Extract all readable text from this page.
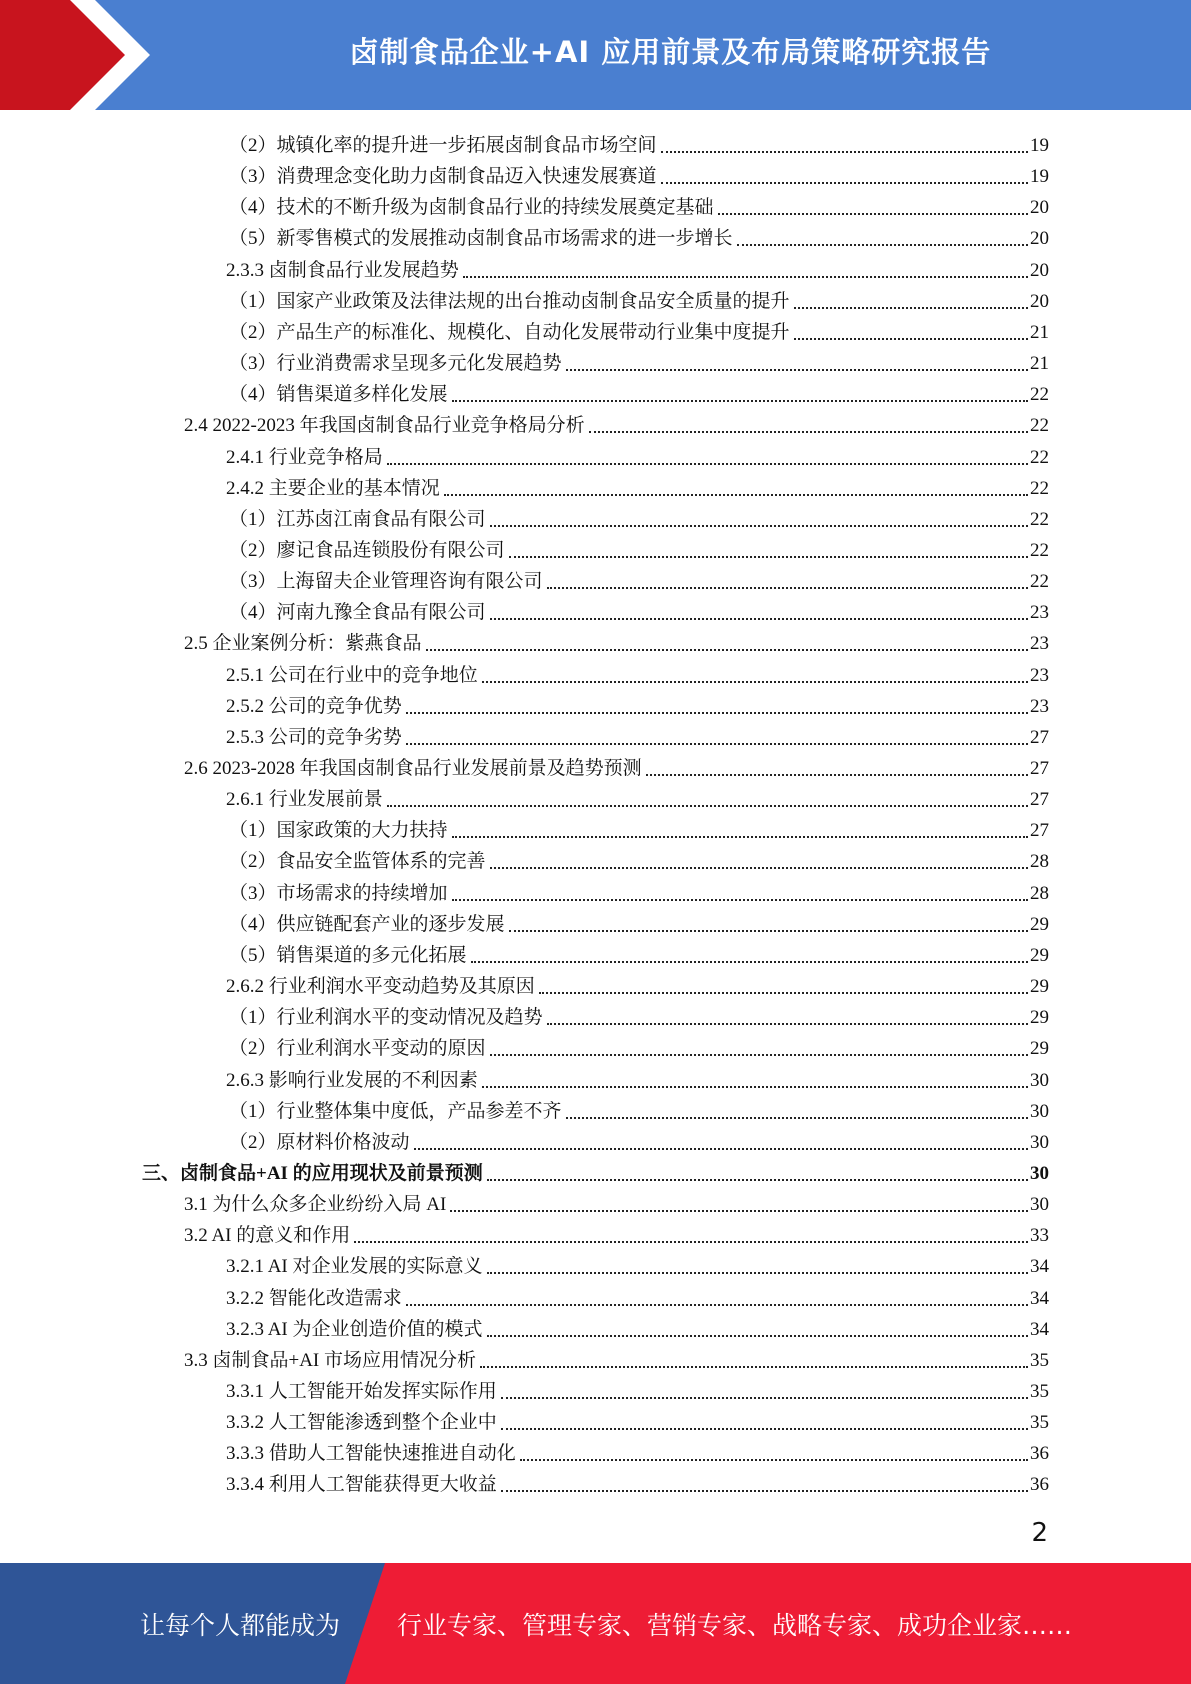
卤制食品企业+AI 应用前景及布局策略研究报告
（2）城镇化率的提升进一步拓展卤制食品市场空间	19
（3）消费理念变化助力卤制食品迈入快速发展赛道	19
（4）技术的不断升级为卤制食品行业的持续发展奠定基础	20
（5）新零售模式的发展推动卤制食品市场需求的进一步增长	20
2.3.3 卤制食品行业发展趋势	20
（1）国家产业政策及法律法规的出台推动卤制食品安全质量的提升	20
（2）产品生产的标准化、规模化、自动化发展带动行业集中度提升	21
（3）行业消费需求呈现多元化发展趋势	21
（4）销售渠道多样化发展	22
2.4 2022-2023 年我国卤制食品行业竞争格局分析	22
2.4.1 行业竞争格局	22
2.4.2 主要企业的基本情况	22
（1）江苏卤江南食品有限公司	22
（2）廖记食品连锁股份有限公司	22
（3）上海留夫企业管理咨询有限公司	22
（4）河南九豫全食品有限公司	23
2.5 企业案例分析：紫燕食品	23
2.5.1 公司在行业中的竞争地位	23
2.5.2 公司的竞争优势	23
2.5.3 公司的竞争劣势	27
2.6 2023-2028 年我国卤制食品行业发展前景及趋势预测	27
2.6.1 行业发展前景	27
（1）国家政策的大力扶持	27
（2）食品安全监管体系的完善	28
（3）市场需求的持续增加	28
（4）供应链配套产业的逐步发展	29
（5）销售渠道的多元化拓展	29
2.6.2 行业利润水平变动趋势及其原因	29
（1）行业利润水平的变动情况及趋势	29
（2）行业利润水平变动的原因	29
2.6.3 影响行业发展的不利因素	30
（1）行业整体集中度低，产品参差不齐	30
（2）原材料价格波动	30
三、卤制食品+AI 的应用现状及前景预测	30
3.1 为什么众多企业纷纷入局 AI	30
3.2 AI 的意义和作用	33
3.2.1 AI 对企业发展的实际意义	34
3.2.2 智能化改造需求	34
3.2.3 AI 为企业创造价值的模式	34
3.3 卤制食品+AI 市场应用情况分析	35
3.3.1 人工智能开始发挥实际作用	35
3.3.2 人工智能渗透到整个企业中	35
3.3.3 借助人工智能快速推进自动化	36
3.3.4 利用人工智能获得更大收益	36
2
让每个人都能成为 行业专家、管理专家、营销专家、战略专家、成功企业家……
